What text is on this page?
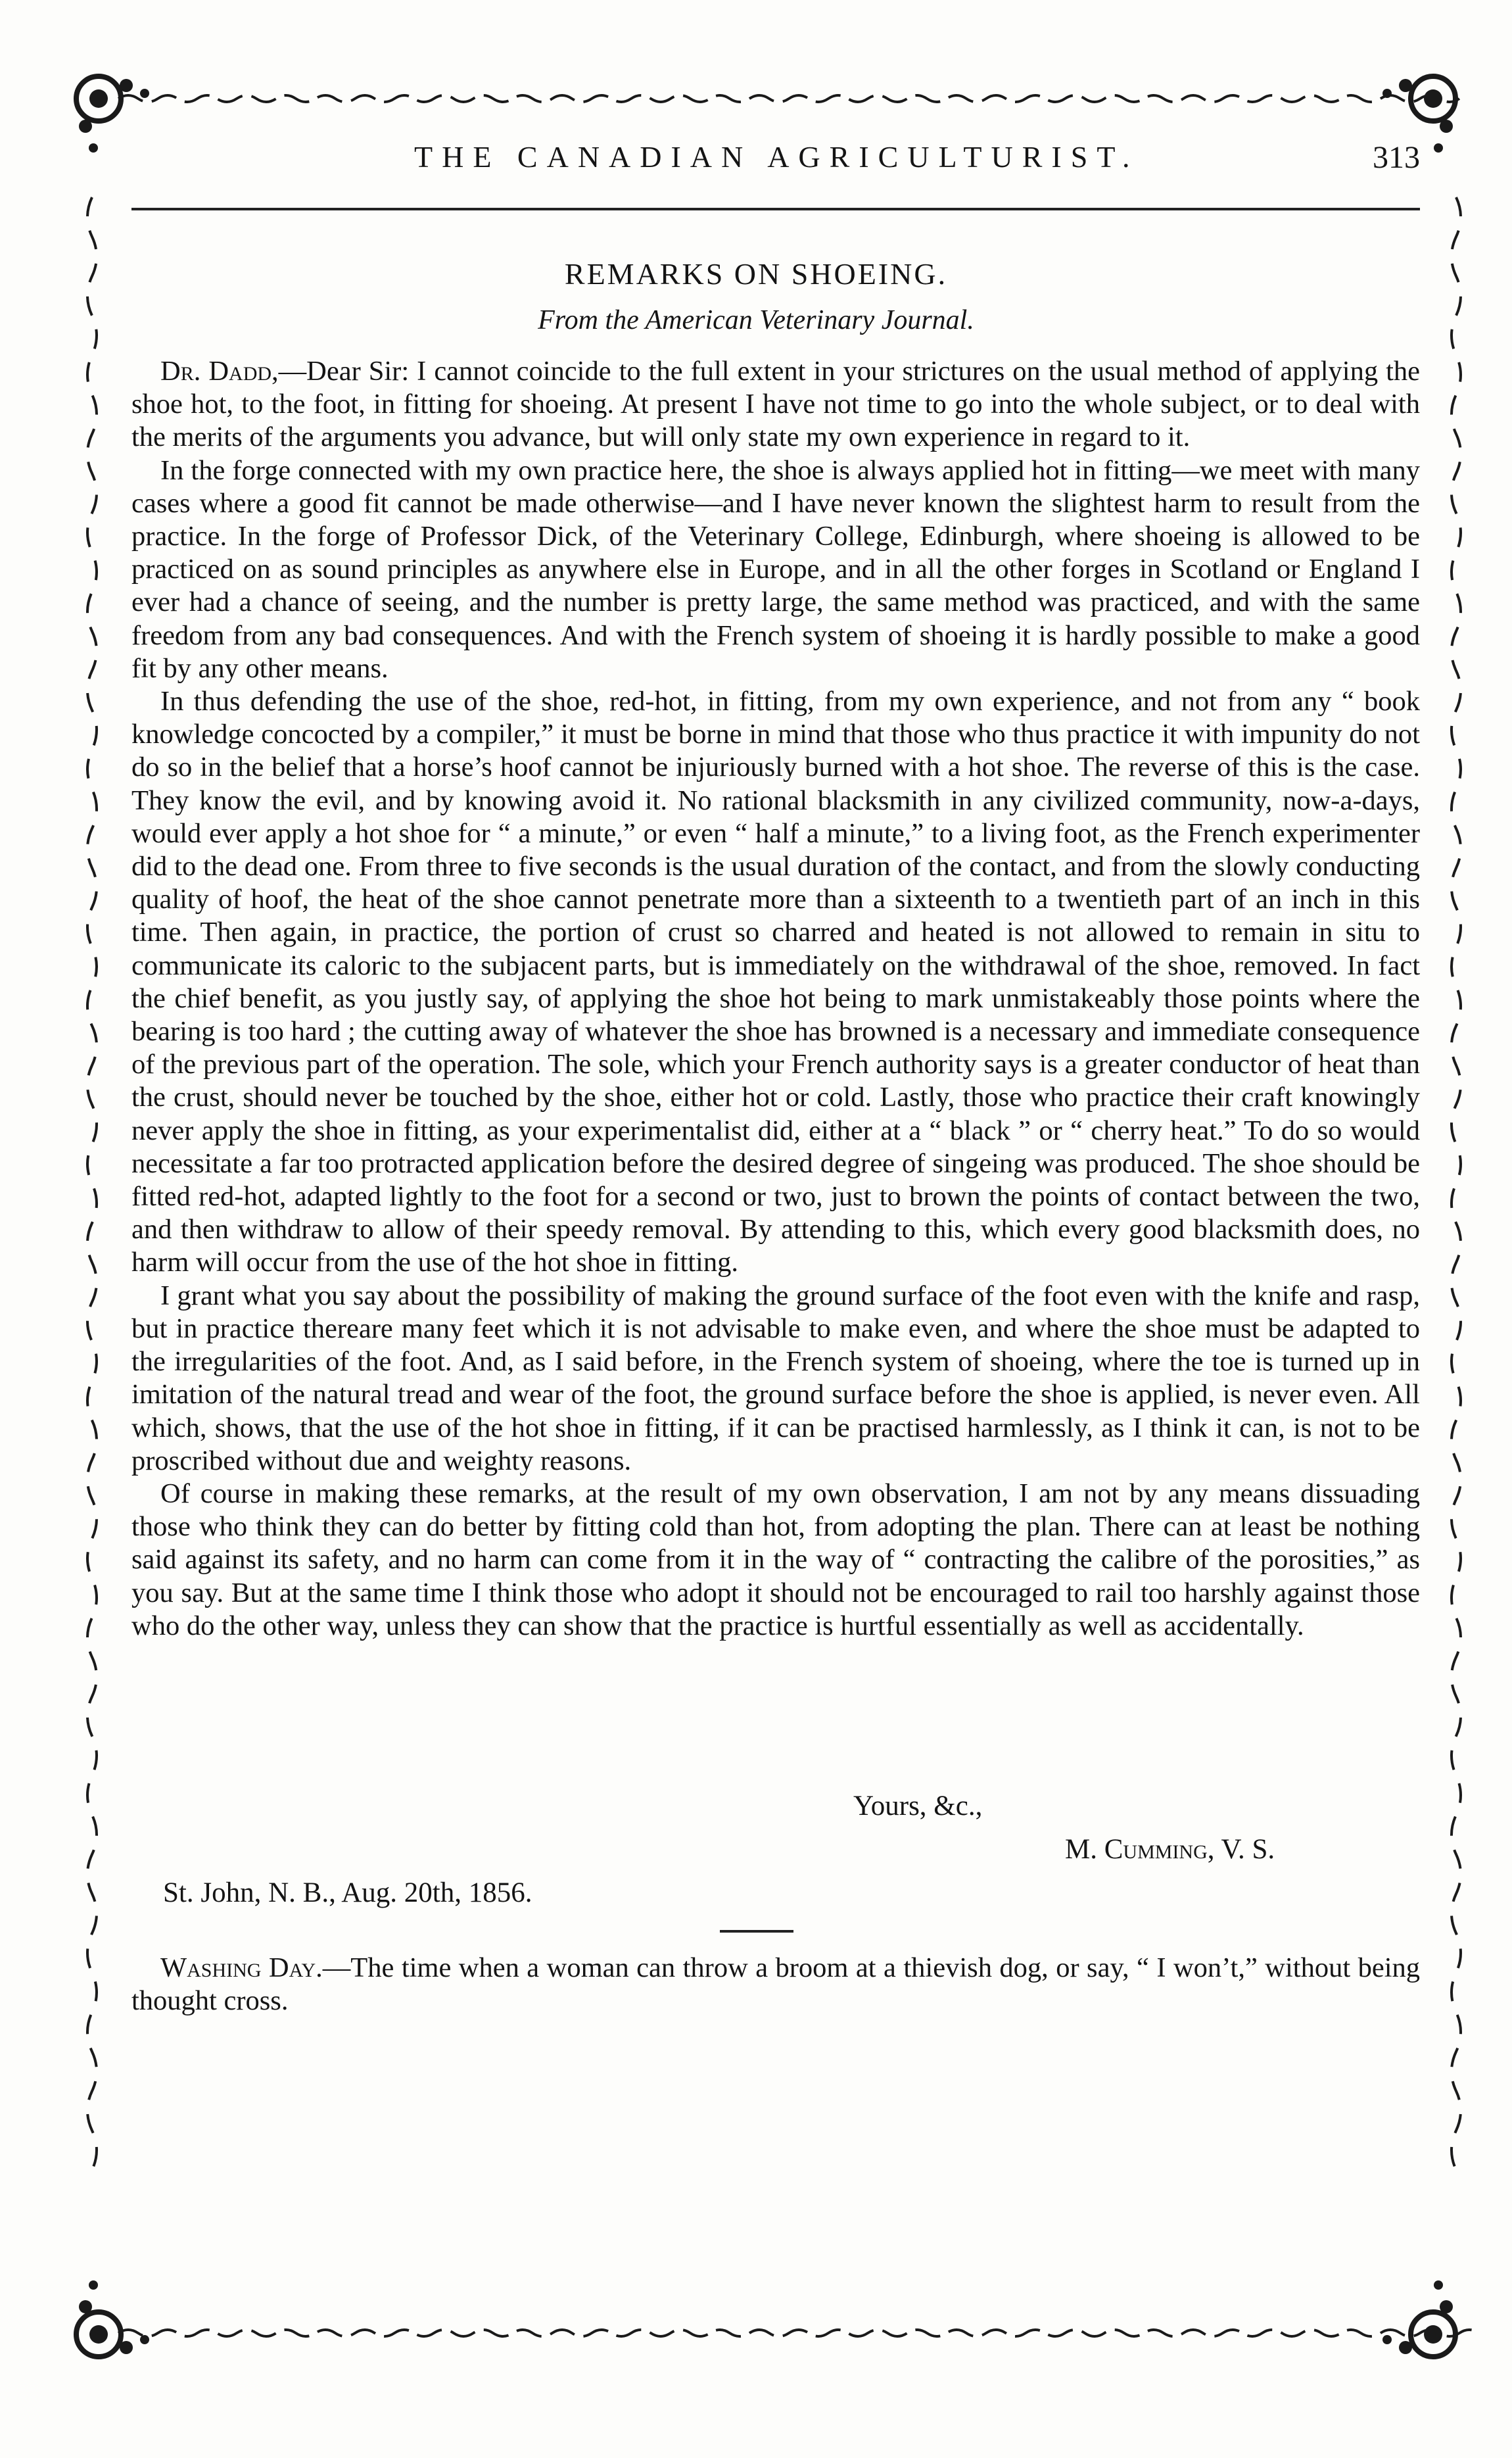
THE CANADIAN AGRICULTURIST.	313
REMARKS ON SHOEING.
From the American Veterinary Journal.

Dr. Dadd,—Dear Sir: I cannot coincide to the full extent in your strictures on the usual method of applying the shoe hot, to the foot, in fitting for shoeing. At present I have not time to go into the whole subject, or to deal with the merits of the arguments you advance, but will only state my own experience in regard to it.

In the forge connected with my own practice here, the shoe is always applied hot in fitting—we meet with many cases where a good fit cannot be made otherwise—and I have never known the slightest harm to result from the practice. In the forge of Professor Dick, of the Veterinary College, Edinburgh, where shoeing is allowed to be practiced on as sound principles as anywhere else in Europe, and in all the other forges in Scotland or England I ever had a chance of seeing, and the number is pretty large, the same method was practiced, and with the same freedom from any bad consequences. And with the French system of shoeing it is hardly possible to make a good fit by any other means.

In thus defending the use of the shoe, red-hot, in fitting, from my own experience, and not from any “ book knowledge concocted by a compiler,” it must be borne in mind that those who thus practice it with impunity do not do so in the belief that a horse’s hoof cannot be injuriously burned with a hot shoe. The reverse of this is the case. They know the evil, and by knowing avoid it. No rational blacksmith in any civilized community, now-a-days, would ever apply a hot shoe for “ a minute,” or even “ half a minute,” to a living foot, as the French experimenter did to the dead one. From three to five seconds is the usual duration of the contact, and from the slowly conducting quality of hoof, the heat of the shoe cannot penetrate more than a sixteenth to a twentieth part of an inch in this time. Then again, in practice, the portion of crust so charred and heated is not allowed to remain in situ to communicate its caloric to the subjacent parts, but is immediately on the withdrawal of the shoe, removed. In fact the chief benefit, as you justly say, of applying the shoe hot being to mark unmistakeably those points where the bearing is too hard ; the cutting away of whatever the shoe has browned is a necessary and immediate consequence of the previous part of the operation. The sole, which your French authority says is a greater conductor of heat than the crust, should never be touched by the shoe, either hot or cold. Lastly, those who practice their craft knowingly never apply the shoe in fitting, as your experimentalist did, either at a “ black ” or “ cherry heat.” To do so would necessitate a far too protracted application before the desired degree of singeing was produced. The shoe should be fitted red-hot, adapted lightly to the foot for a second or two, just to brown the points of contact between the two, and then withdraw to allow of their speedy removal. By attending to this, which every good blacksmith does, no harm will occur from the use of the hot shoe in fitting.

I grant what you say about the possibility of making the ground surface of the foot even with the knife and rasp, but in practice thereare many feet which it is not advisable to make even, and where the shoe must be adapted to the irregularities of the foot. And, as I said before, in the French system of shoeing, where the toe is turned up in imitation of the natural tread and wear of the foot, the ground surface before the shoe is applied, is never even. All which, shows, that the use of the hot shoe in fitting, if it can be practised harmlessly, as I think it can, is not to be proscribed without due and weighty reasons.

Of course in making these remarks, at the result of my own observation, I am not by any means dissuading those who think they can do better by fitting cold than hot, from adopting the plan. There can at least be nothing said against its safety, and no harm can come from it in the way of “ contracting the calibre of the porosities,” as you say. But at the same time I think those who adopt it should not be encouraged to rail too harshly against those who do the other way, unless they can show that the practice is hurtful essentially as well as accidentally.

Yours, &c.,
M. Cumming, V. S.
St. John, N. B., Aug. 20th, 1856.

Washing Day.—The time when a woman can throw a broom at a thievish dog, or say, “ I won’t,” without being thought cross.
